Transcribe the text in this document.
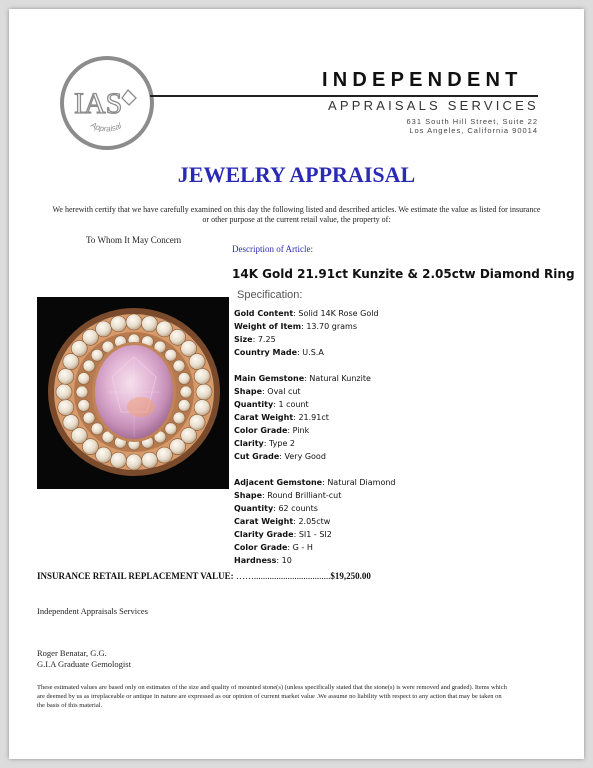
IAS
Appraisal
INDEPENDENT
APPRAISALS SERVICES
631 South Hill Street, Suite 22
Los Angeles, California 90014
JEWELRY APPRAISAL
We herewith certify that we have carefully examined on this day the following listed and described articles. We estimate the value as listed for insurance or other purpose at the current retail value, the property of:
To Whom It May Concern
Description of Article:
14K Gold 21.91ct Kunzite & 2.05ctw Diamond Ring
Specification:
Gold Content: Solid 14K Rose Gold
Weight of Item: 13.70 grams
Size: 7.25
Country Made: U.S.A
Main Gemstone: Natural Kunzite
Shape: Oval cut
Quantity: 1 count
Carat Weight: 21.91ct
Color Grade: Pink
Clarity: Type 2
Cut Grade: Very Good
Adjacent Gemstone: Natural Diamond
Shape: Round Brilliant-cut
Quantity: 62 counts
Carat Weight: 2.05ctw
Clarity Grade: SI1 - SI2
Color Grade: G - H
Hardness: 10
INSURANCE RETAIL REPLACEMENT VALUE: ……..................................$19,250.00
Independent Appraisals Services
Roger Benatar, G.G.
G.I.A Graduate Gemologist
These estimated values are based only on estimates of the size and quality of mounted stone(s) (unless specifically stated that the stone(s) is were removed and graded). Items which are deemed by us as irreplaceable or antique in nature are expressed as our opinion of current market value .We assume no liability with respect to any action that may be taken on the basis of this material.
